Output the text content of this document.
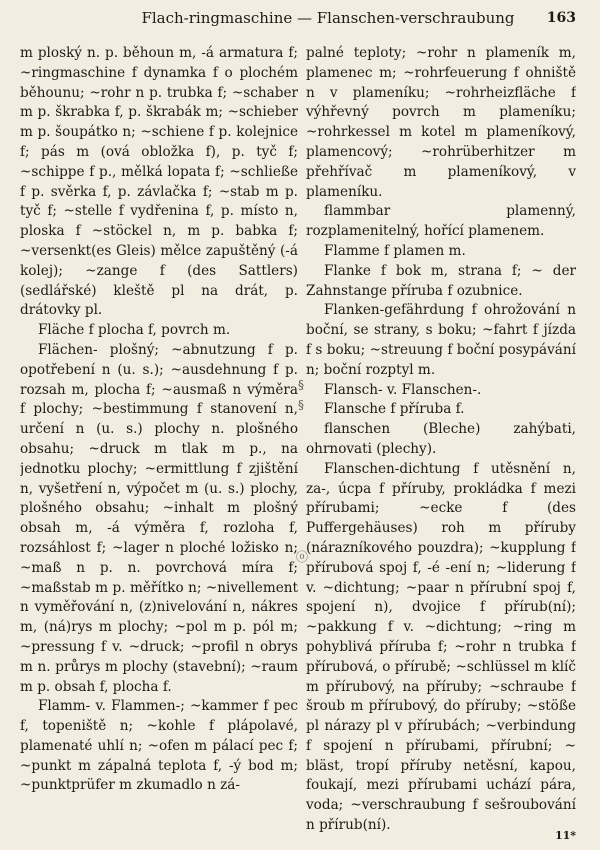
Flach-ringmaschine — Flanschen-verschraubung	163

m ploský n. p. běhoun m, -á armatura f; ~ringmaschine f dynamka f o plochém běhounu; ~rohr n p. trubka f; ~schaber m p. škrabka f, p. škrabák m; ~schieber m p. šoupátko n; ~schiene f p. kolejnice f; pás m (ová obložka f), p. tyč f; ~schippe f p., mělká lopata f; ~schließe f p. svěrka f, p. závlačka f; ~stab m p. tyč f; ~stelle f vydřenina f, p. místo n, ploska f ~stöckel n, m p. babka f; ~versenkt(es Gleis) mělce zapuštěný (-á kolej); ~zange f (des Sattlers) (sedlářské) kleště pl na drát, p. drátovky pl.

Fläche f plocha f, povrch m.

Flächen- plošný; ~abnutzung f p. opotřebení n (u. s.); ~ausdehnung f p. rozsah m, plocha f; ~ausmaß n výměra f plochy; ~bestimmung f stanovení n, určení n (u. s.) plochy n. plošného obsahu; ~druck m tlak m p., na jednotku plochy; ~ermittlung f zjištění n, vyšetření n, výpočet m (u. s.) plochy, plošného obsahu; ~inhalt m plošný obsah m, -á výměra f, rozloha f, rozsáhlost f; ~lager n ploché ložisko n; ~maß n p. n. povrchová míra f; ~maßstab m p. měřítko n; ~nivellement n vyměřování n, (z)nivelování n, nákres m, (ná)rys m plochy; ~pol m p. pól m; ~pressung f v. ~druck; ~profil n obrys m n. průrys m plochy (stavební); ~raum m p. obsah f, plocha f.

Flamm- v. Flammen-; ~kammer f pec f, topeniště n; ~kohle f plápolavé, plamenaté uhlí n; ~ofen m pálací pec f; ~punkt m zápalná teplota f, -ý bod m; ~punktprüfer m zkumadlo n zá-

§
§
ⓞ

palné teploty; ~rohr n plameník m, plamenec m; ~rohrfeuerung f ohniště n v plameníku; ~rohrheizfläche f výhřevný povrch m plameníku; ~rohrkessel m kotel m plameníkový, plamencový; ~rohrüberhitzer m přehřívač m plameníkový, v plameníku.

flammbar plamenný, rozplamenitelný, hořící plamenem.

Flamme f plamen m.

Flanke f bok m, strana f; ~ der Zahnstange příruba f ozubnice.

Flanken-gefährdung f ohrožování n boční, se strany, s boku; ~fahrt f jízda f s boku; ~streuung f boční posypávání n; boční rozptyl m.

Flansch- v. Flanschen-.

Flansche f příruba f.

flanschen (Bleche) zahýbati, ohrnovati (plechy).

Flanschen-dichtung f utěsnění n, za-, úcpa f příruby, prokládka f mezi přírubami; ~ecke f (des Puffergehäuses) roh m příruby (nárazníkového pouzdra); ~kupplung f přírubová spoj f, -é -ení n; ~liderung f v. ~dichtung; ~paar n přírubní spoj f, spojení n), dvojice f přírub(ní); ~pakkung f v. ~dichtung; ~ring m pohyblivá příruba f; ~rohr n trubka f přírubová, o přírubě; ~schlüssel m klíč m přírubový, na příruby; ~schraube f šroub m přírubový, do příruby; ~stöße pl nárazy pl v přírubách; ~verbindung f spojení n přírubami, přírubní; ~ bläst, tropí příruby netěsní, kapou, foukají, mezi přírubami uchází pára, voda; ~verschraubung f sešroubování n přírub(ní).

11*
